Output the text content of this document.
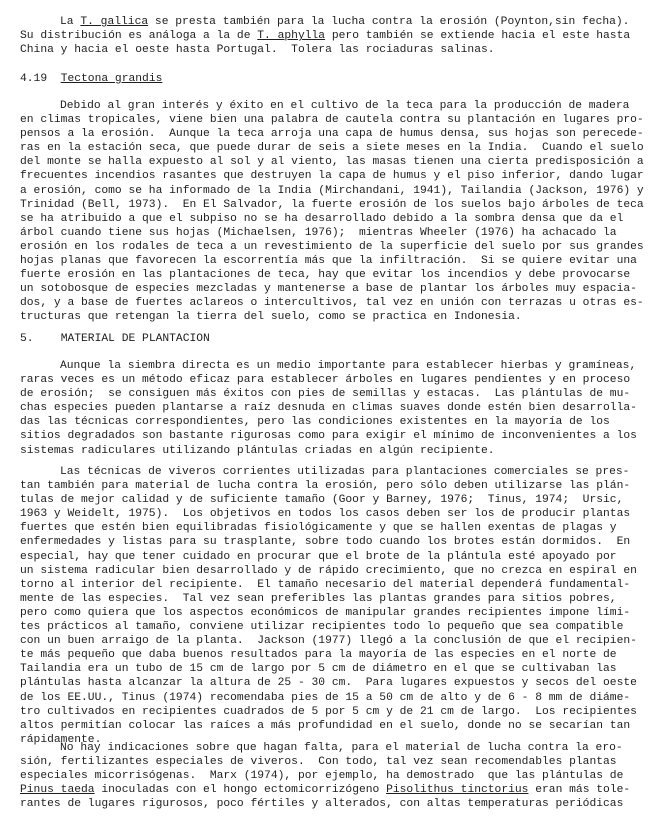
La T. gallica se presta también para la lucha contra la erosión (Poynton,sin fecha).
Su distribución es análoga a la de T. aphylla pero también se extiende hacia el este hasta
China y hacia el oeste hasta Portugal.  Tolera las rociaduras salinas.
4.19 Tectona grandis
Debido al gran interés y éxito en el cultivo de la teca para la producción de madera
en climas tropicales, viene bien una palabra de cautela contra su plantación en lugares pro-
pensos a la erosión.  Aunque la teca arroja una capa de humus densa, sus hojas son perecede-
ras en la estación seca, que puede durar de seis a siete meses en la India.  Cuando el suelo
del monte se halla expuesto al sol y al viento, las masas tienen una cierta predisposición a
frecuentes incendios rasantes que destruyen la capa de humus y el piso inferior, dando lugar
a erosión, como se ha informado de la India (Mirchandani, 1941), Tailandia (Jackson, 1976) y
Trinidad (Bell, 1973).  En El Salvador, la fuerte erosión de los suelos bajo árboles de teca
se ha atribuido a que el subpiso no se ha desarrollado debido a la sombra densa que da el
árbol cuando tiene sus hojas (Michaelsen, 1976);  mientras Wheeler (1976) ha achacado la
erosión en los rodales de teca a un revestimiento de la superficie del suelo por sus grandes
hojas planas que favorecen la escorrentía más que la infiltración.  Si se quiere evitar una
fuerte erosión en las plantaciones de teca, hay que evitar los incendios y debe provocarse
un sotobosque de especies mezcladas y mantenerse a base de plantar los árboles muy espacia-
dos, y a base de fuertes aclareos o intercultivos, tal vez en unión con terrazas u otras es-
tructuras que retengan la tierra del suelo, como se practica en Indonesia.
5. MATERIAL DE PLANTACION
Aunque la siembra directa es un medio importante para establecer hierbas y gramíneas,
raras veces es un método eficaz para establecer árboles en lugares pendientes y en proceso
de erosión;  se consiguen más éxitos con pies de semillas y estacas.  Las plántulas de mu-
chas especies pueden plantarse a raíz desnuda en climas suaves donde estén bien desarrolla-
das las técnicas correspondientes, pero las condiciones existentes en la mayoría de los
sitios degradados son bastante rigurosas como para exigir el mínimo de inconvenientes a los
sistemas radiculares utilizando plántulas criadas en algún recipiente.
Las técnicas de viveros corrientes utilizadas para plantaciones comerciales se pres-
tan también para material de lucha contra la erosión, pero sólo deben utilizarse las plán-
tulas de mejor calidad y de suficiente tamaño (Goor y Barney, 1976;  Tinus, 1974;  Ursic,
1963 y Weidelt, 1975).  Los objetivos en todos los casos deben ser los de producir plantas
fuertes que estén bien equilibradas fisiológicamente y que se hallen exentas de plagas y
enfermedades y listas para su trasplante, sobre todo cuando los brotes están dormidos.  En
especial, hay que tener cuidado en procurar que el brote de la plántula esté apoyado por
un sistema radicular bien desarrollado y de rápido crecimiento, que no crezca en espiral en
torno al interior del recipiente.  El tamaño necesario del material dependerá fundamental-
mente de las especies.  Tal vez sean preferibles las plantas grandes para sitios pobres,
pero como quiera que los aspectos económicos de manipular grandes recipientes impone lími-
tes prácticos al tamaño, conviene utilizar recipientes todo lo pequeño que sea compatible
con un buen arraigo de la planta.  Jackson (1977) llegó a la conclusión de que el recipien-
te más pequeño que daba buenos resultados para la mayoría de las especies en el norte de
Tailandia era un tubo de 15 cm de largo por 5 cm de diámetro en el que se cultivaban las
plántulas hasta alcanzar la altura de 25 - 30 cm.  Para lugares expuestos y secos del oeste
de los EE.UU., Tinus (1974) recomendaba pies de 15 a 50 cm de alto y de 6 - 8 mm de diáme-
tro cultivados en recipientes cuadrados de 5 por 5 cm y de 21 cm de largo.  Los recipientes
altos permitían colocar las raíces a más profundidad en el suelo, donde no se secarían tan
rápidamente.
No hay indicaciones sobre que hagan falta, para el material de lucha contra la ero-
sión, fertilizantes especiales de viveros.  Con todo, tal vez sean recomendables plantas
especiales micorrisógenas.  Marx (1974), por ejemplo, ha demostrado  que las plántulas de
Pinus taeda inoculadas con el hongo ectomicorrizógeno Pisolithus tinctorius eran más tole-
rantes de lugares rigurosos, poco fértiles y alterados, con altas temperaturas periódicas
